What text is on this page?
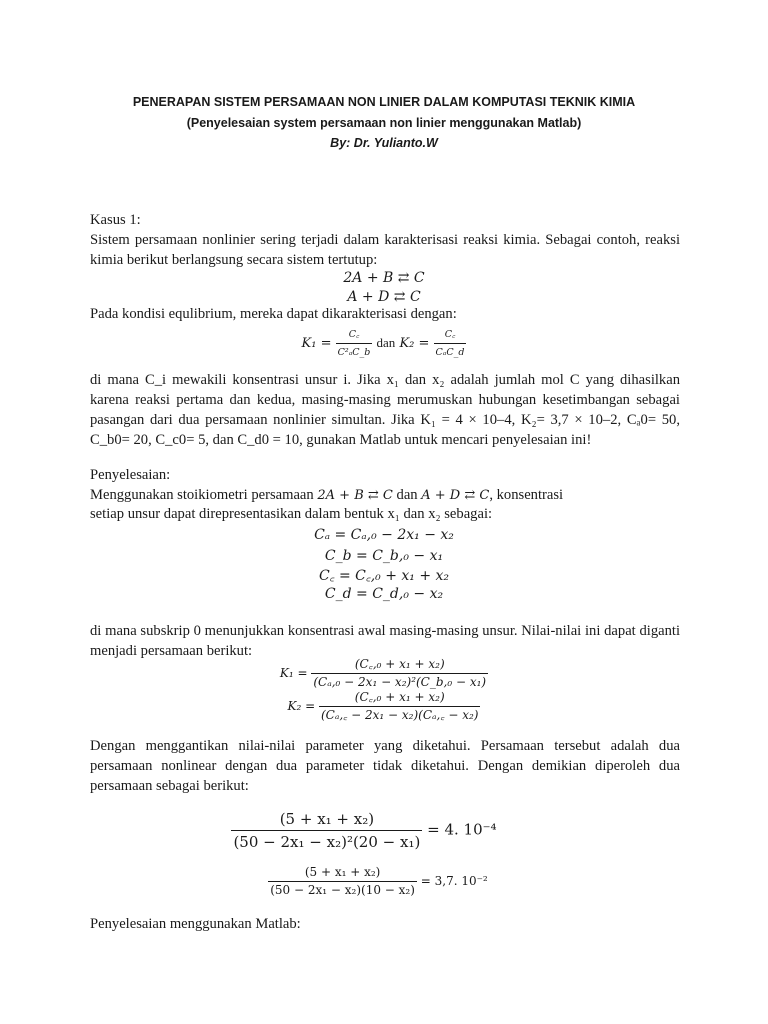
PENERAPAN SISTEM PERSAMAAN NON LINIER DALAM KOMPUTASI TEKNIK KIMIA
(Penyelesaian system persamaan non linier menggunakan Matlab)
By: Dr. Yulianto.W
Kasus 1:
Sistem persamaan nonlinier sering terjadi dalam karakterisasi reaksi kimia. Sebagai contoh, reaksi kimia berikut berlangsung secara sistem tertutup:
2A + B ⇄ C
A + D ⇄ C
Pada kondisi equlibrium, mereka dapat dikarakterisasi dengan:
$K_1 = \frac{C꜀}{\text{C²ₐC\_b}}$ dan $K_2 = \frac{C꜀}{\text{CₐC\_d}}$
di mana C_i mewakili konsentrasi unsur i. Jika x₁ dan x₂ adalah jumlah mol C yang dihasilkan karena reaksi pertama dan kedua, masing-masing merumuskan hubungan kesetimbangan sebagai pasangan dari dua persamaan nonlinier simultan. Jika K₁ = 4 × 10–4, K₂= 3,7 × 10–2, Cₐ0= 50, C_b0= 20, C_c0= 5, dan C_d0 = 10, gunakan Matlab untuk mencari penyelesaian ini!
Penyelesaian:
Menggunakan stoikiometri persamaan 2A + B ⇄ C dan A + D ⇄ C, konsentrasi
setiap unsur dapat direpresentasikan dalam bentuk x₁ dan x₂ sebagai:
Cₐ = Cₐ,₀ − 2x₁ − x₂
C_b = C_b,₀ − x₁
C꜀ = C꜀,₀ + x₁ + x₂
C_d = C_d,₀ − x₂
di mana subskrip 0 menunjukkan konsentrasi awal masing-masing unsur. Nilai-nilai ini dapat diganti menjadi persamaan berikut:
$K_1 = \frac{\text{(C꜀,₀ + x₁ + x₂)}}{\text{(Cₐ,₀ − 2x₁ − x₂)²(C\_b,₀ − x₁)}}$
$K_2 = \frac{\text{(C꜀,₀ + x₁ + x₂)}}{\text{(Cₐ,꜀ − 2x₁ − x₂)(Cₐ,꜀ − x₂)}}$
Dengan menggantikan nilai-nilai parameter yang diketahui. Persamaan tersebut adalah dua persamaan nonlinear dengan dua parameter tidak diketahui. Dengan demikian diperoleh dua persamaan sebagai berikut:
$\frac{\text{(5 + x₁ + x₂)}}{\text{(50 − 2x₁ − x₂)²(20 − x₁)}} = 4$. 10⁻⁴
$\frac{\text{(5 + x₁ + x₂)}}{\text{(50 − 2x₁ − x₂)(10 − x₂)}} = 3,7$. 10⁻²
Penyelesaian menggunakan Matlab:
